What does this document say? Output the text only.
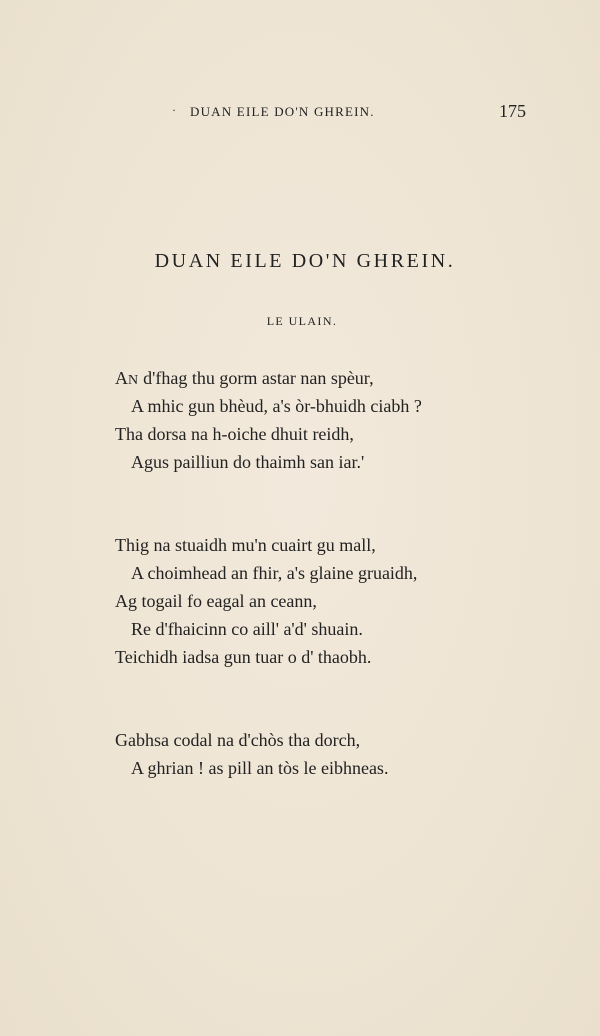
· DUAN EILE DO'N GHREIN.	175
DUAN EILE DO'N GHREIN.
LE ULAIN.
AN d'fhag thu gorm astar nan spèur,
A mhic gun bhèud, a's òr-bhuidh ciabh ?
Tha dorsa na h-oiche dhuit reidh,
Agus pailliun do thaimh san iar.'
Thig na stuaidh mu'n cuairt gu mall,
A choimhead an fhir, a's glaine gruaidh,
Ag togail fo eagal an ceann,
Re d'fhaicinn co aill' a'd' shuain.
Teichidh iadsa gun tuar o d' thaobh.
Gabhsa codal na d'chòs tha dorch,
A ghrian ! as pill an tòs le eibhneas.
